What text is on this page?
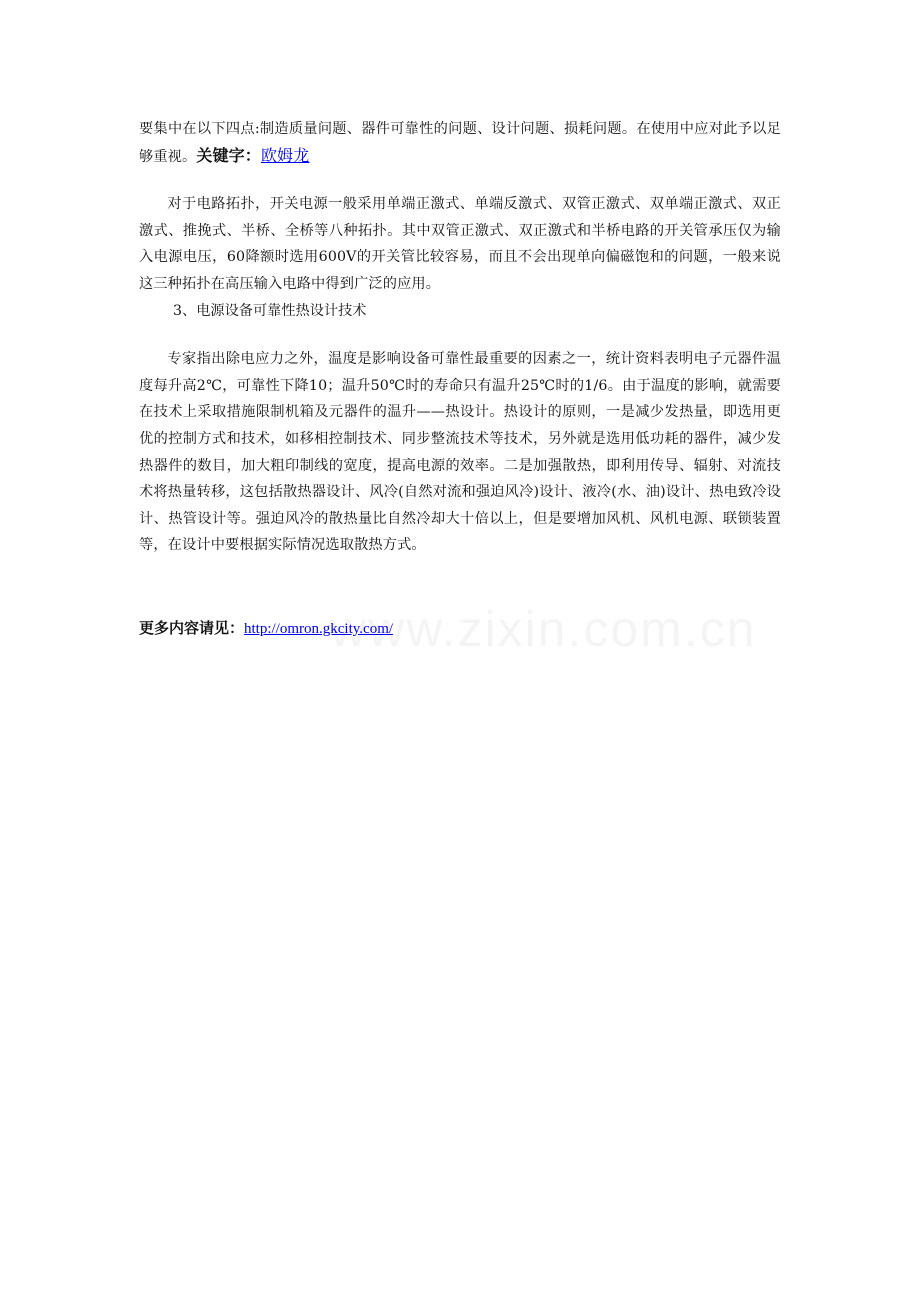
要集中在以下四点:制造质量问题、器件可靠性的问题、设计问题、损耗问题。在使用中应对此予以足够重视。关键字：欧姆龙

对于电路拓扑，开关电源一般采用单端正激式、单端反激式、双管正激式、双单端正激式、双正激式、推挽式、半桥、全桥等八种拓扑。其中双管正激式、双正激式和半桥电路的开关管承压仅为输入电源电压，60降额时选用600V的开关管比较容易，而且不会出现单向偏磁饱和的问题，一般来说这三种拓扑在高压输入电路中得到广泛的应用。

3、电源设备可靠性热设计技术

专家指出除电应力之外，温度是影响设备可靠性最重要的因素之一，统计资料表明电子元器件温度每升高2℃，可靠性下降10；温升50℃时的寿命只有温升25℃时的1/6。由于温度的影响，就需要在技术上采取措施限制机箱及元器件的温升——热设计。热设计的原则，一是减少发热量，即选用更优的控制方式和技术，如移相控制技术、同步整流技术等技术，另外就是选用低功耗的器件，减少发热器件的数目，加大粗印制线的宽度，提高电源的效率。二是加强散热，即利用传导、辐射、对流技术将热量转移，这包括散热器设计、风冷(自然对流和强迫风冷)设计、液冷(水、油)设计、热电致冷设计、热管设计等。强迫风冷的散热量比自然冷却大十倍以上，但是要增加风机、风机电源、联锁装置等，在设计中要根据实际情况选取散热方式。

更多内容请见：http://omron.gkcity.com/
